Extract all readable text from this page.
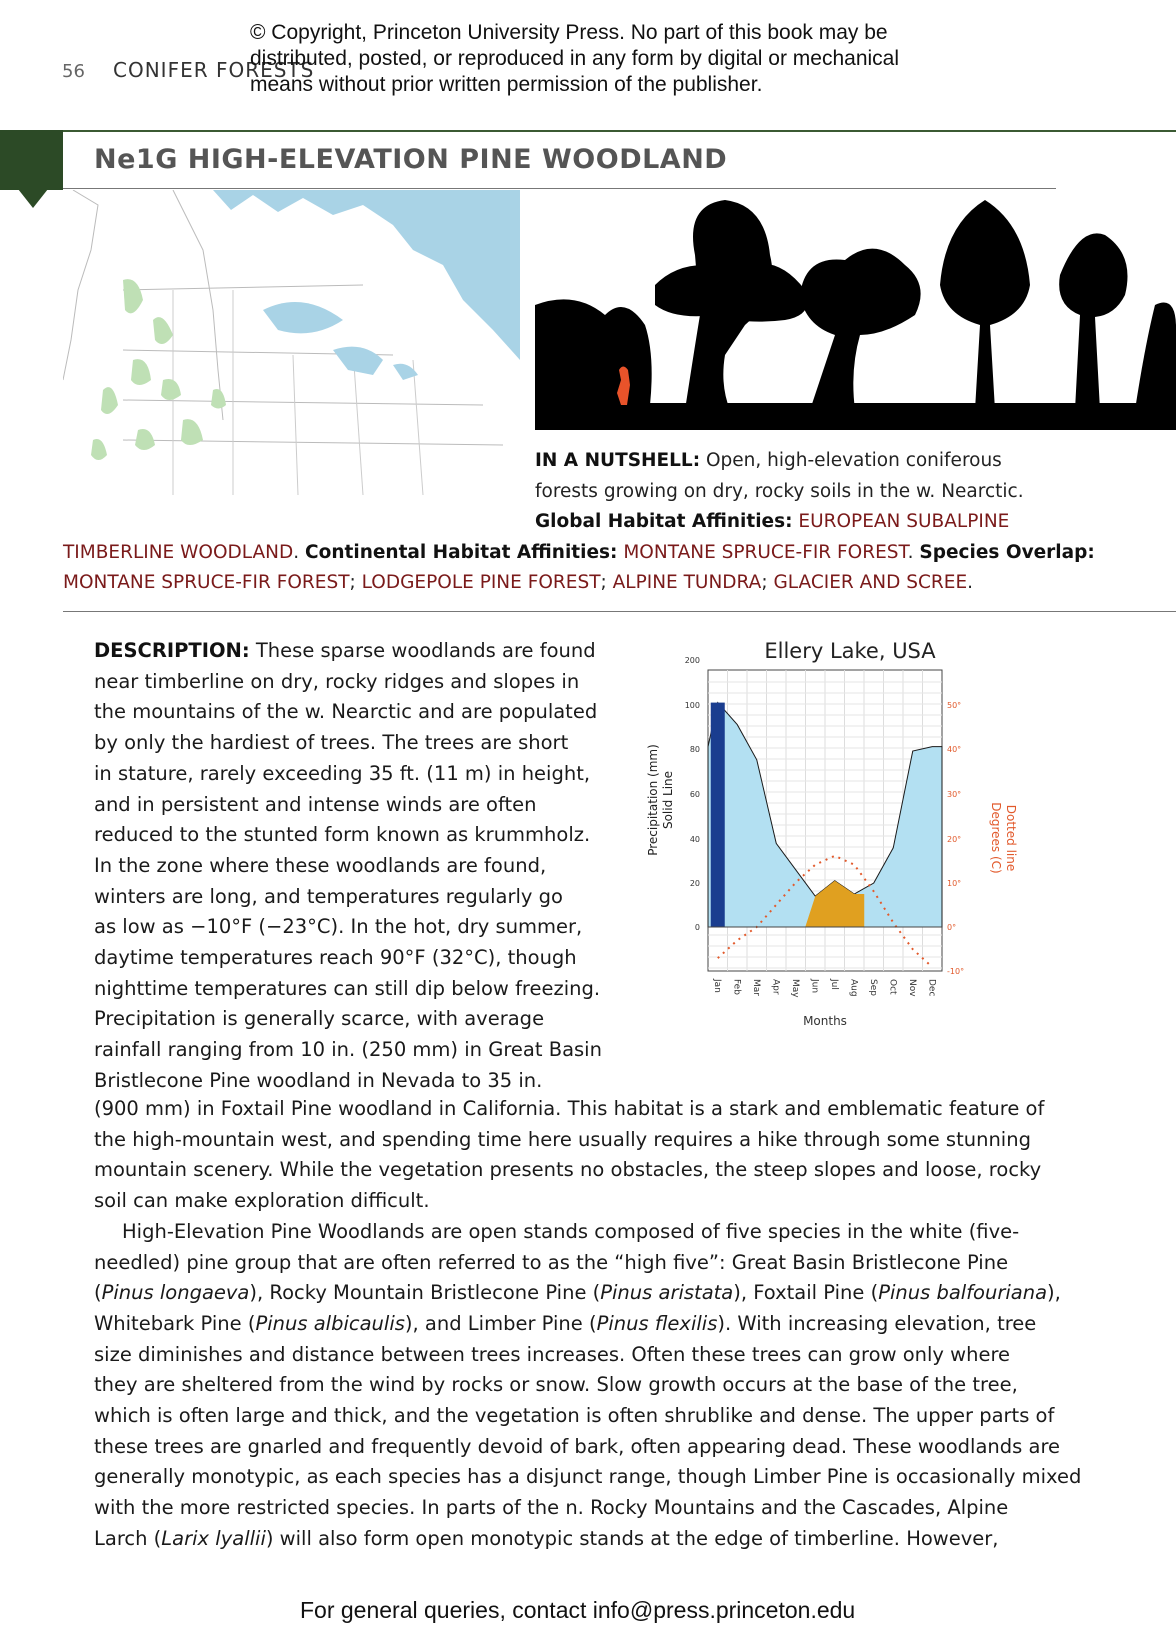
© Copyright, Princeton University Press. No part of this book may be
distributed, posted, or reproduced in any form by digital or mechanical
means without prior written permission of the publisher.
56 CONIFER FORESTS
Ne1G HIGH-ELEVATION PINE WOODLAND
IN A NUTSHELL: Open, high-elevation coniferous
forests growing on dry, rocky soils in the w. Nearctic.
Global Habitat Affinities: EUROPEAN SUBALPINE
TIMBERLINE WOODLAND. Continental Habitat Affinities: MONTANE SPRUCE-FIR FOREST. Species Overlap:
MONTANE SPRUCE-FIR FOREST; LODGEPOLE PINE FOREST; ALPINE TUNDRA; GLACIER AND SCREE.
DESCRIPTION: These sparse woodlands are found
near timberline on dry, rocky ridges and slopes in
the mountains of the w. Nearctic and are populated
by only the hardiest of trees. The trees are short
in stature, rarely exceeding 35 ft. (11 m) in height,
and in persistent and intense winds are often
reduced to the stunted form known as krummholz.
In the zone where these woodlands are found,
winters are long, and temperatures regularly go
as low as −10°F (−23°C). In the hot, dry summer,
daytime temperatures reach 90°F (32°C), though
nighttime temperatures can still dip below freezing.
Precipitation is generally scarce, with average
rainfall ranging from 10 in. (250 mm) in Great Basin
Bristlecone Pine woodland in Nevada to 35 in.
(900 mm) in Foxtail Pine woodland in California. This habitat is a stark and emblematic feature of
the high-mountain west, and spending time here usually requires a hike through some stunning
mountain scenery. While the vegetation presents no obstacles, the steep slopes and loose, rocky
soil can make exploration difficult.
High-Elevation Pine Woodlands are open stands composed of five species in the white (five-
needled) pine group that are often referred to as the “high five”: Great Basin Bristlecone Pine
(Pinus longaeva), Rocky Mountain Bristlecone Pine (Pinus aristata), Foxtail Pine (Pinus balfouriana),
Whitebark Pine (Pinus albicaulis), and Limber Pine (Pinus flexilis). With increasing elevation, tree
size diminishes and distance between trees increases. Often these trees can grow only where
they are sheltered from the wind by rocks or snow. Slow growth occurs at the base of the tree,
which is often large and thick, and the vegetation is often shrublike and dense. The upper parts of
these trees are gnarled and frequently devoid of bark, often appearing dead. These woodlands are
generally monotypic, as each species has a disjunct range, though Limber Pine is occasionally mixed
with the more restricted species. In parts of the n. Rocky Mountains and the Cascades, Alpine
Larch (Larix lyallii) will also form open monotypic stands at the edge of timberline. However,
Ellery Lake, USA
0
20
40
60
80
100
200
-10°
0°
10°
20°
30°
40°
50°
Jan Feb Mar Apr May Jun Jul Aug Sep Oct Nov Dec
Months
Precipitation (mm) Solid Line
Degrees (C) Dotted line
For general queries, contact info@press.princeton.edu
